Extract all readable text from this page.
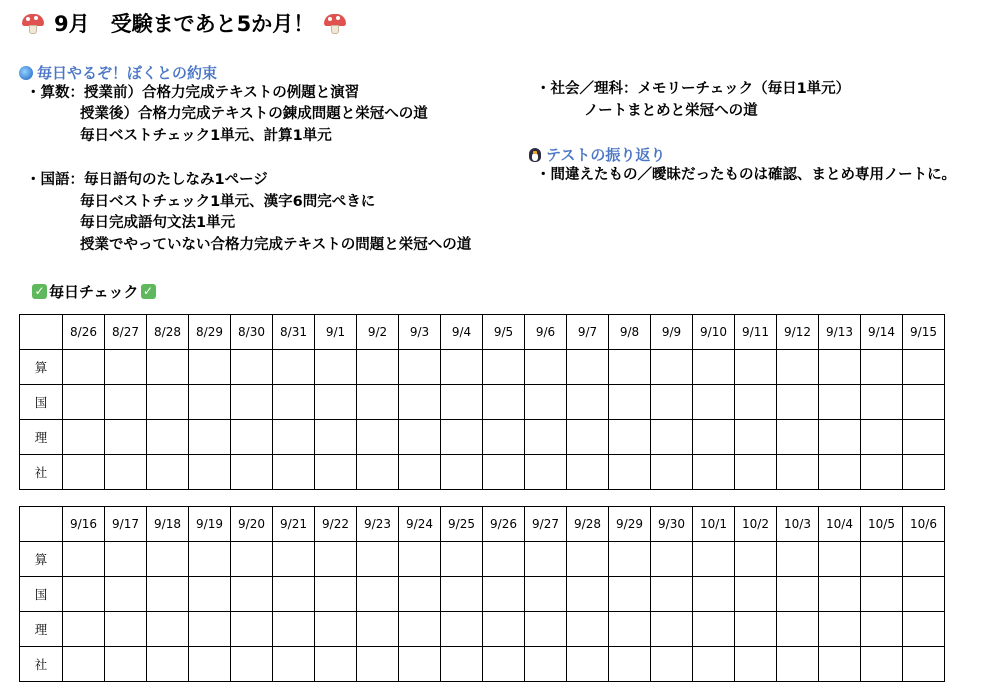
9月　受験まであと5か月！
毎日やるぞ！ぼくとの約束
・算数：授業前）合格力完成テキストの例題と演習
授業後）合格力完成テキストの錬成問題と栄冠への道
毎日ベストチェック1単元、計算1単元
・国語：毎日語句のたしなみ1ページ
毎日ベストチェック1単元、漢字6問完ぺきに
毎日完成語句文法1単元
授業でやっていない合格力完成テキストの問題と栄冠への道
・社会／理科：メモリーチェック（毎日1単元）
ノートまとめと栄冠への道
テストの振り返り
・間違えたもの／曖昧だったものは確認、まとめ専用ノートに。
✓ 毎日チェック ✓
	8/26	8/27	8/28	8/29	8/30	8/31	9/1	9/2	9/3	9/4	9/5	9/6	9/7	9/8	9/9	9/10	9/11	9/12	9/13	9/14	9/15
算																					
国																					
理																					
社																					
	9/16	9/17	9/18	9/19	9/20	9/21	9/22	9/23	9/24	9/25	9/26	9/27	9/28	9/29	9/30	10/1	10/2	10/3	10/4	10/5	10/6
算																					
国																					
理																					
社																					
